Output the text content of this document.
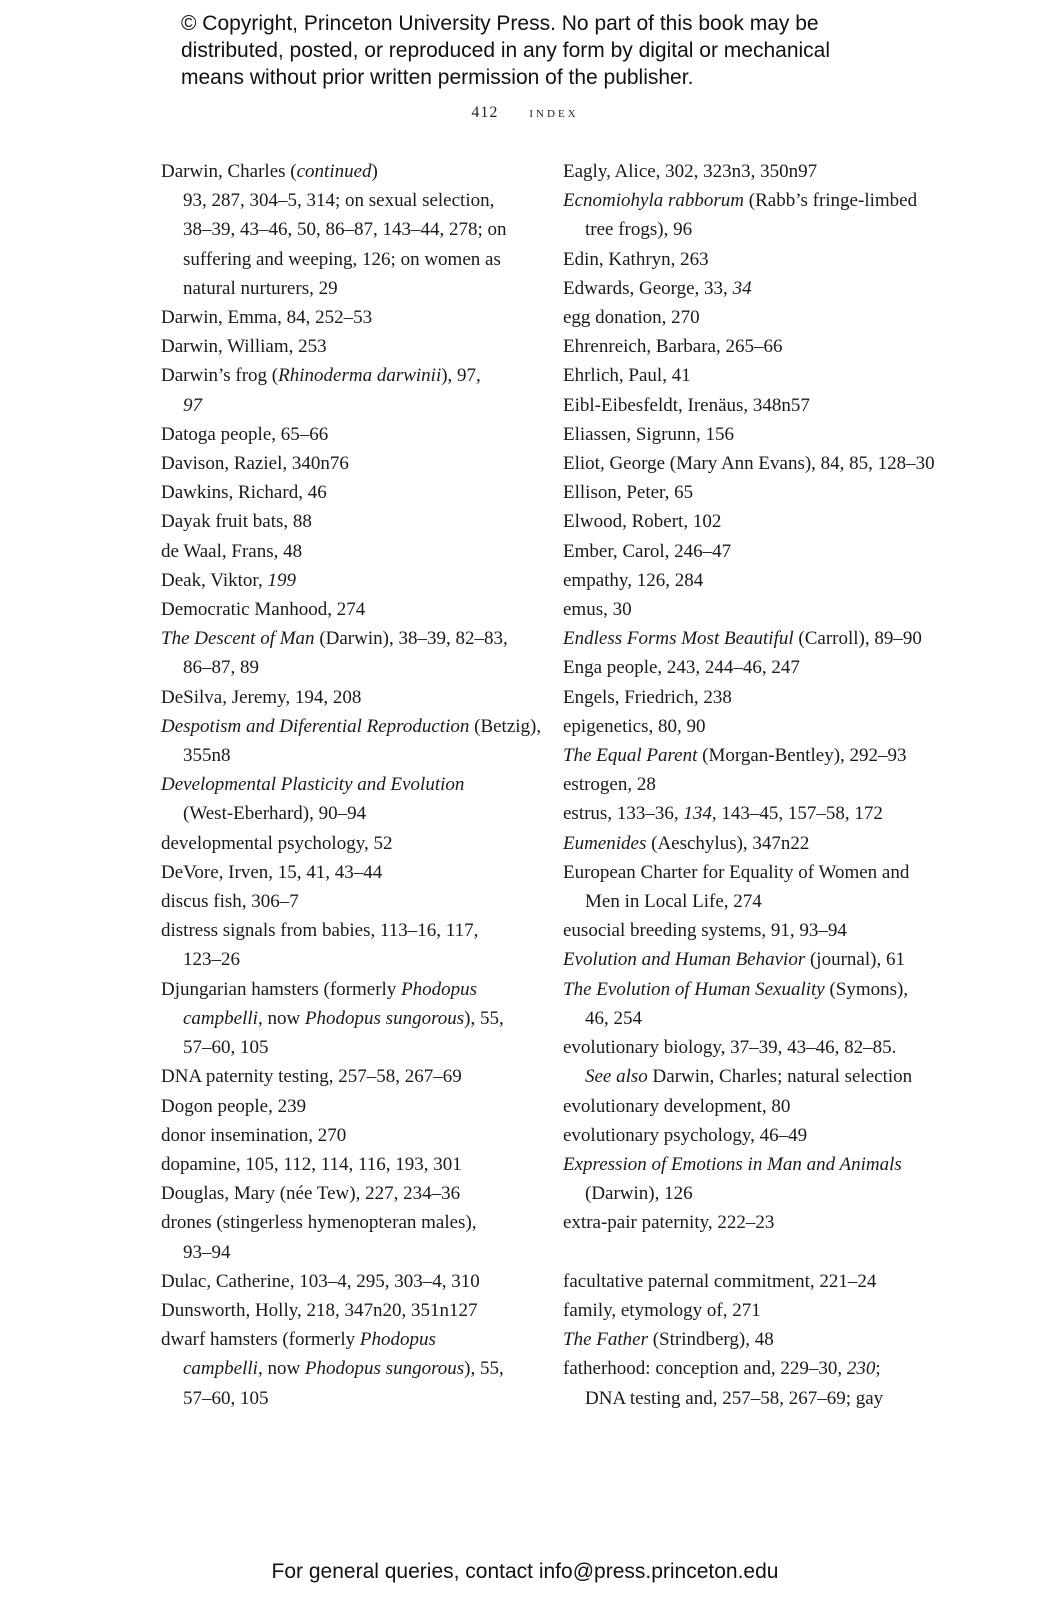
© Copyright, Princeton University Press. No part of this book may be
distributed, posted, or reproduced in any form by digital or mechanical
means without prior written permission of the publisher.
412 index
Darwin, Charles (continued)
93, 287, 304–5, 314; on sexual selection,
38–39, 43–46, 50, 86–87, 143–44, 278; on
suffering and weeping, 126; on women as
natural nurturers, 29
Darwin, Emma, 84, 252–53
Darwin, William, 253
Darwin’s frog (Rhinoderma darwinii), 97,
97
Datoga people, 65–66
Davison, Raziel, 340n76
Dawkins, Richard, 46
Dayak fruit bats, 88
de Waal, Frans, 48
Deak, Viktor, 199
Democratic Manhood, 274
The Descent of Man (Darwin), 38–39, 82–83,
86–87, 89
DeSilva, Jeremy, 194, 208
Despotism and Diferential Reproduction (Betzig),
355n8
Developmental Plasticity and Evolution
(West-Eberhard), 90–94
developmental psychology, 52
DeVore, Irven, 15, 41, 43–44
discus fish, 306–7
distress signals from babies, 113–16, 117,
123–26
Djungarian hamsters (formerly Phodopus
campbelli, now Phodopus sungorous), 55,
57–60, 105
DNA paternity testing, 257–58, 267–69
Dogon people, 239
donor insemination, 270
dopamine, 105, 112, 114, 116, 193, 301
Douglas, Mary (née Tew), 227, 234–36
drones (stingerless hymenopteran males),
93–94
Dulac, Catherine, 103–4, 295, 303–4, 310
Dunsworth, Holly, 218, 347n20, 351n127
dwarf hamsters (formerly Phodopus
campbelli, now Phodopus sungorous), 55,
57–60, 105
Eagly, Alice, 302, 323n3, 350n97
Ecnomiohyla rabborum (Rabb’s fringe-limbed
tree frogs), 96
Edin, Kathryn, 263
Edwards, George, 33, 34
egg donation, 270
Ehrenreich, Barbara, 265–66
Ehrlich, Paul, 41
Eibl-Eibesfeldt, Irenäus, 348n57
Eliassen, Sigrunn, 156
Eliot, George (Mary Ann Evans), 84, 85, 128–30
Ellison, Peter, 65
Elwood, Robert, 102
Ember, Carol, 246–47
empathy, 126, 284
emus, 30
Endless Forms Most Beautiful (Carroll), 89–90
Enga people, 243, 244–46, 247
Engels, Friedrich, 238
epigenetics, 80, 90
The Equal Parent (Morgan-Bentley), 292–93
estrogen, 28
estrus, 133–36, 134, 143–45, 157–58, 172
Eumenides (Aeschylus), 347n22
European Charter for Equality of Women and
Men in Local Life, 274
eusocial breeding systems, 91, 93–94
Evolution and Human Behavior (journal), 61
The Evolution of Human Sexuality (Symons),
46, 254
evolutionary biology, 37–39, 43–46, 82–85.
See also Darwin, Charles; natural selection
evolutionary development, 80
evolutionary psychology, 46–49
Expression of Emotions in Man and Animals
(Darwin), 126
extra-pair paternity, 222–23
facultative paternal commitment, 221–24
family, etymology of, 271
The Father (Strindberg), 48
fatherhood: conception and, 229–30, 230;
DNA testing and, 257–58, 267–69; gay
For general queries, contact info@press.princeton.edu
